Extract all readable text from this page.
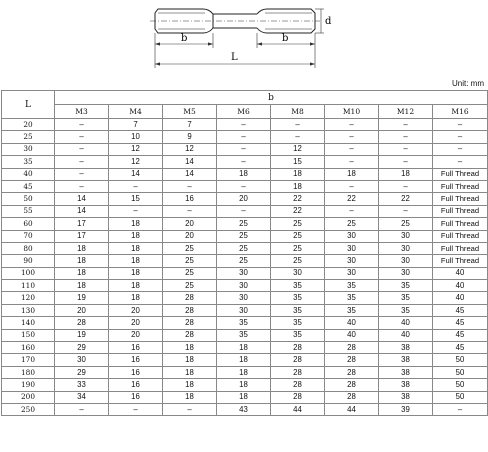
d
b	b
L
Unit: mm
L	b							
	M3	M4	M5	M6	M8	M10	M12	M16
20	–	7	7	–	–	–	–	–
25	–	10	9	–	–	–	–	–
30	–	12	12	–	12	–	–	–
35	–	12	14	–	15	–	–	–
40	–	14	14	18	18	18	18	Full Thread
45	–	–	–	–	18	–	–	Full Thread
50	14	15	16	20	22	22	22	Full Thread
55	14	–	–	–	22	–	–	Full Thread
60	17	18	20	25	25	25	25	Full Thread
70	17	18	20	25	25	30	30	Full Thread
80	18	18	25	25	25	30	30	Full Thread
90	18	18	25	25	25	30	30	Full Thread
100	18	18	25	30	30	30	30	40
110	18	18	25	30	35	35	35	40
120	19	18	28	30	35	35	35	40
130	20	20	28	30	35	35	35	45
140	28	20	28	35	35	40	40	45
150	19	20	28	35	35	40	40	45
160	29	16	18	18	28	28	38	45
170	30	16	18	18	28	28	38	50
180	29	16	18	18	28	28	38	50
190	33	16	18	18	28	28	38	50
200	34	16	18	18	28	28	38	50
250	–	–	–	43	44	44	39	–
